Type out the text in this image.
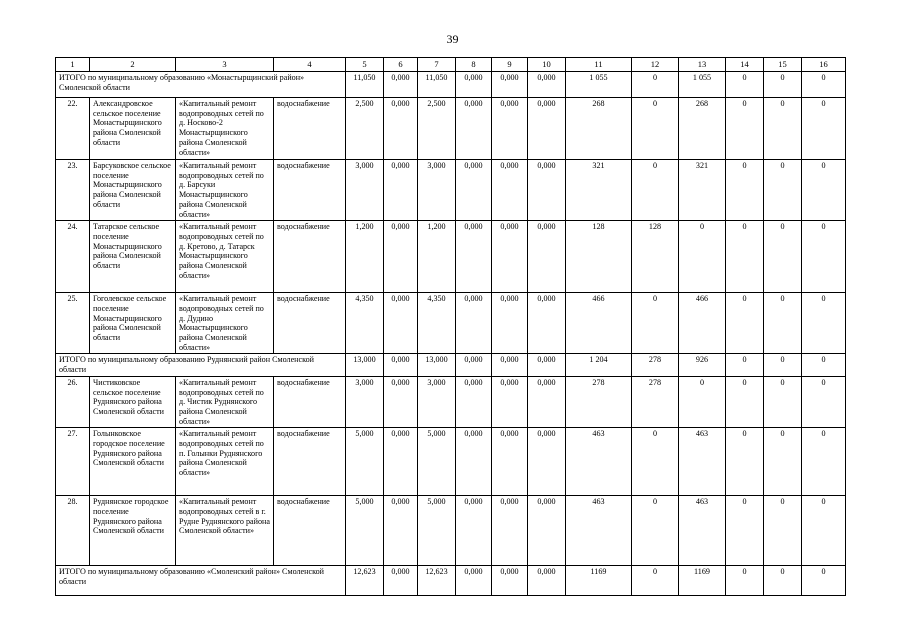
39
1	2	3	4	5	6	7	8	9	10	11	12	13	14	15	16
ИТОГО по муниципальному образованию «Монастырщинский район» Смоленской области				11,050	0,000	11,050	0,000	0,000	0,000	1 055	0	1 055	0	0	0
22.	Александровское сельское поселение Монастырщинского района Смоленской области	«Капитальный ремонт водопроводных сетей по д. Носково-2 Монастырщинского района Смоленской области»	водоснабжение	2,500	0,000	2,500	0,000	0,000	0,000	268	0	268	0	0	0
23.	Барсуковское сельское поселение Монастырщинского района Смоленской области	«Капитальный ремонт водопроводных сетей по д. Барсуки Монастырщинского района Смоленской области»	водоснабжение	3,000	0,000	3,000	0,000	0,000	0,000	321	0	321	0	0	0
24.	Татарское сельское поселение Монастырщинского района Смоленской области	«Капитальный ремонт водопроводных сетей по д. Кретово, д. Татарск Монастырщинского района Смоленской области»	водоснабжение	1,200	0,000	1,200	0,000	0,000	0,000	128	128	0	0	0	0
25.	Гоголевское сельское поселение Монастырщинского района Смоленской области	«Капитальный ремонт водопроводных сетей по д. Дудино Монастырщинского района Смоленской области»	водоснабжение	4,350	0,000	4,350	0,000	0,000	0,000	466	0	466	0	0	0
ИТОГО по муниципальному образованию Руднянский район Смоленской области				13,000	0,000	13,000	0,000	0,000	0,000	1 204	278	926	0	0	0
26.	Чистиковское сельское поселение Руднянского района Смоленской области	«Капитальный ремонт водопроводных сетей по д. Чистик Руднянского района Смоленской области»	водоснабжение	3,000	0,000	3,000	0,000	0,000	0,000	278	278	0	0	0	0
27.	Голынковское городское поселение Руднянского района Смоленской области	«Капитальный ремонт водопроводных сетей по п. Голынки Руднянского района Смоленской области»	водоснабжение	5,000	0,000	5,000	0,000	0,000	0,000	463	0	463	0	0	0
28.	Руднянское городское поселение Руднянского района Смоленской области	«Капитальный ремонт водопроводных сетей в г. Рудне Руднянского района Смоленской области»	водоснабжение	5,000	0,000	5,000	0,000	0,000	0,000	463	0	463	0	0	0
ИТОГО по муниципальному образованию «Смоленский район» Смоленской области				12,623	0,000	12,623	0,000	0,000	0,000	1169	0	1169	0	0	0
